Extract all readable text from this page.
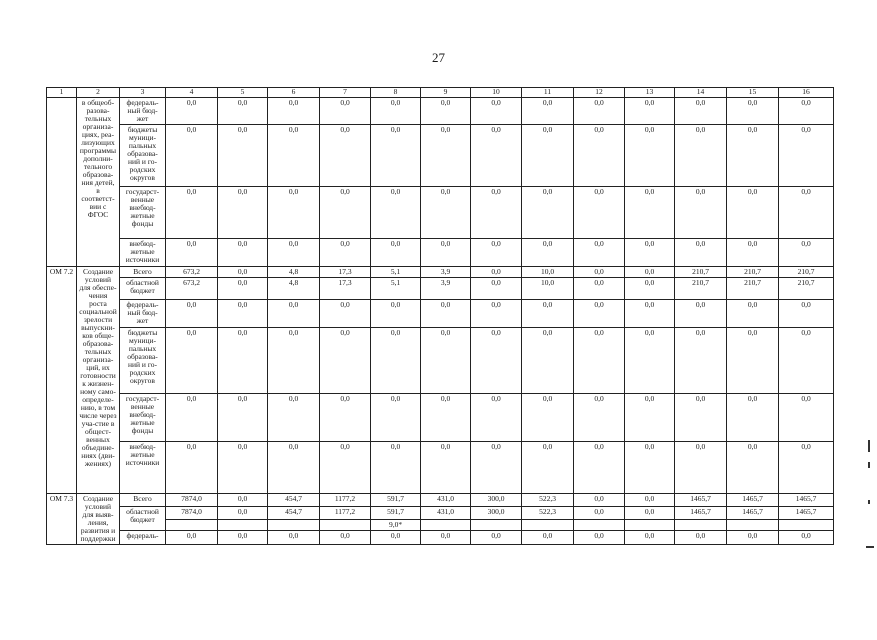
27
1	2	3	4	5	6	7	8	9	10	11	12	13	14	15	16
	в общеоб-разова-тельных организа-циях, реа-лизующих программы дополни-тельного образова-ния детей, в соответст-вии с ФГОС	федераль-ный бюд-жет	0,0	0,0	0,0	0,0	0,0	0,0	0,0	0,0	0,0	0,0	0,0	0,0	0,0
		бюджеты муници-пальных образова-ний и го-родских округов	0,0	0,0	0,0	0,0	0,0	0,0	0,0	0,0	0,0	0,0	0,0	0,0	0,0
		государст-венные внебюд-жетные фонды	0,0	0,0	0,0	0,0	0,0	0,0	0,0	0,0	0,0	0,0	0,0	0,0	0,0
		внебюд-жетные источники	0,0	0,0	0,0	0,0	0,0	0,0	0,0	0,0	0,0	0,0	0,0	0,0	0,0
ОМ 7.2	Создание условий для обеспе-чения роста социальной зрелости выпускни-ков обще-образова-тельных организа-ций, их готовности к жизнен-ному само-определе-нию, в том числе через уча-стие в общест-венных объедине-ниях (дви-жениях)	Всего	673,2	0,0	4,8	17,3	5,1	3,9	0,0	10,0	0,0	0,0	210,7	210,7	210,7
		областной бюджет	673,2	0,0	4,8	17,3	5,1	3,9	0,0	10,0	0,0	0,0	210,7	210,7	210,7
		федераль-ный бюд-жет	0,0	0,0	0,0	0,0	0,0	0,0	0,0	0,0	0,0	0,0	0,0	0,0	0,0
		бюджеты муници-пальных образова-ний и го-родских округов	0,0	0,0	0,0	0,0	0,0	0,0	0,0	0,0	0,0	0,0	0,0	0,0	0,0
		государст-венные внебюд-жетные фонды	0,0	0,0	0,0	0,0	0,0	0,0	0,0	0,0	0,0	0,0	0,0	0,0	0,0
		внебюд-жетные источники	0,0	0,0	0,0	0,0	0,0	0,0	0,0	0,0	0,0	0,0	0,0	0,0	0,0
ОМ 7.3	Создание условий для выяв-ления, развития и поддержки	Всего	7874,0	0,0	454,7	1177,2	591,7	431,0	300,0	522,3	0,0	0,0	1465,7	1465,7	1465,7
		областной бюджет	7874,0	0,0	454,7	1177,2	591,7	431,0	300,0	522,3	0,0	0,0	1465,7	1465,7	1465,7
							9,0*								
		федераль-	0,0	0,0	0,0	0,0	0,0	0,0	0,0	0,0	0,0	0,0	0,0	0,0	0,0
